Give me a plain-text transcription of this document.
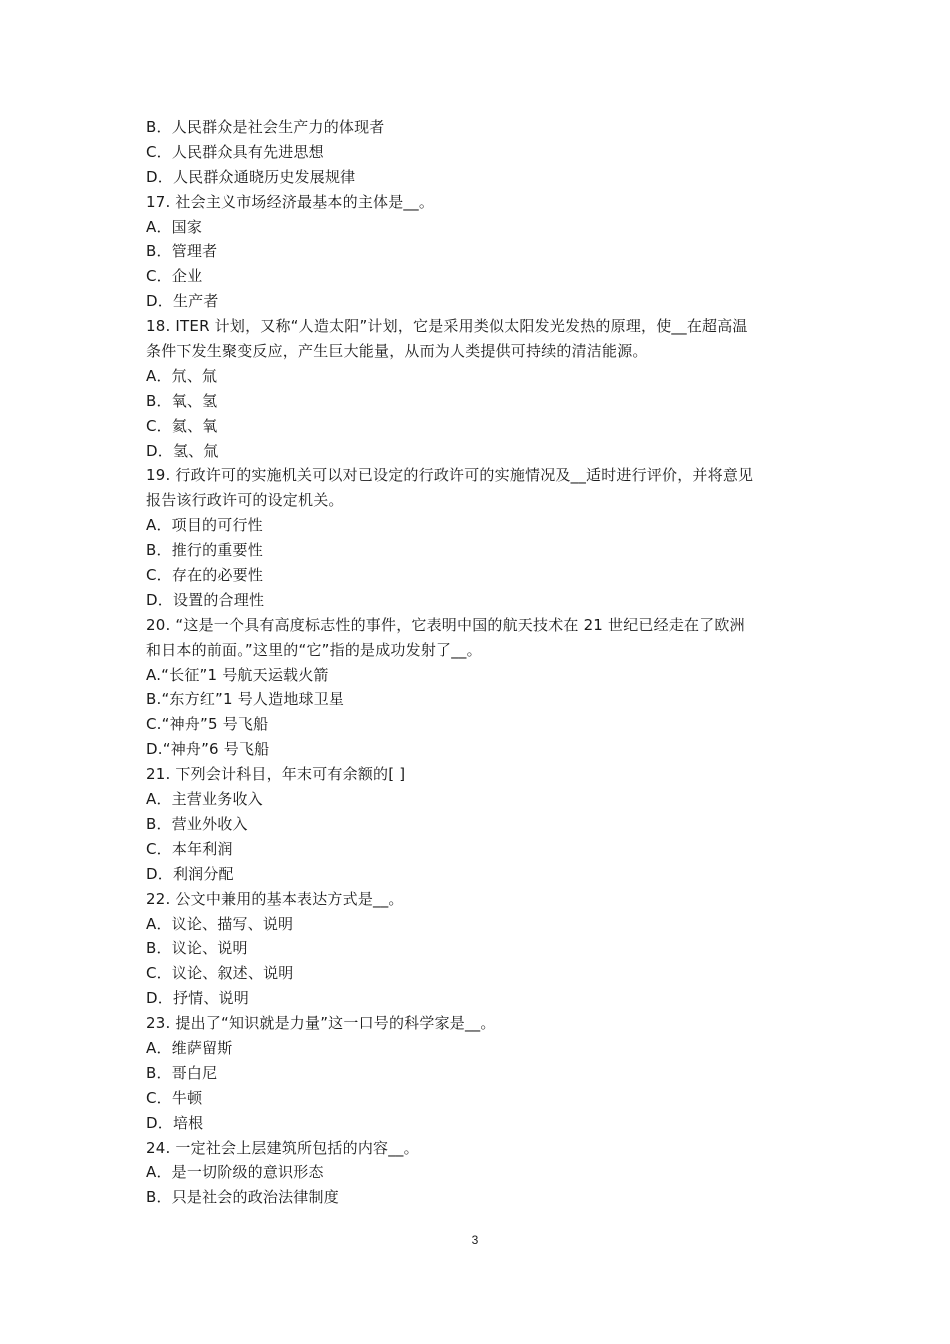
B．人民群众是社会生产力的体现者
C．人民群众具有先进思想
D．人民群众通晓历史发展规律
17. 社会主义市场经济最基本的主体是__。
A．国家
B．管理者
C．企业
D．生产者
18. ITER 计划，又称“人造太阳”计划，它是采用类似太阳发光发热的原理，使__在超高温
条件下发生聚变反应，产生巨大能量，从而为人类提供可持续的清洁能源。
A．氘、氚
B．氧、氢
C．氦、氧
D．氢、氚
19. 行政许可的实施机关可以对已设定的行政许可的实施情况及__适时进行评价，并将意见
报告该行政许可的设定机关。
A．项目的可行性
B．推行的重要性
C．存在的必要性
D．设置的合理性
20. “这是一个具有高度标志性的事件，它表明中国的航天技术在 21 世纪已经走在了欧洲
和日本的前面。”这里的“它”指的是成功发射了__。
A.“长征”1 号航天运载火箭
B.“东方红”1 号人造地球卫星
C.“神舟”5 号飞船
D.“神舟”6 号飞船
21. 下列会计科目，年末可有余额的[ ]
A．主营业务收入
B．营业外收入
C．本年利润
D．利润分配
22. 公文中兼用的基本表达方式是__。
A．议论、描写、说明
B．议论、说明
C．议论、叙述、说明
D．抒情、说明
23. 提出了“知识就是力量”这一口号的科学家是__。
A．维萨留斯
B．哥白尼
C．牛顿
D．培根
24. 一定社会上层建筑所包括的内容__。
A．是一切阶级的意识形态
B．只是社会的政治法律制度
3
